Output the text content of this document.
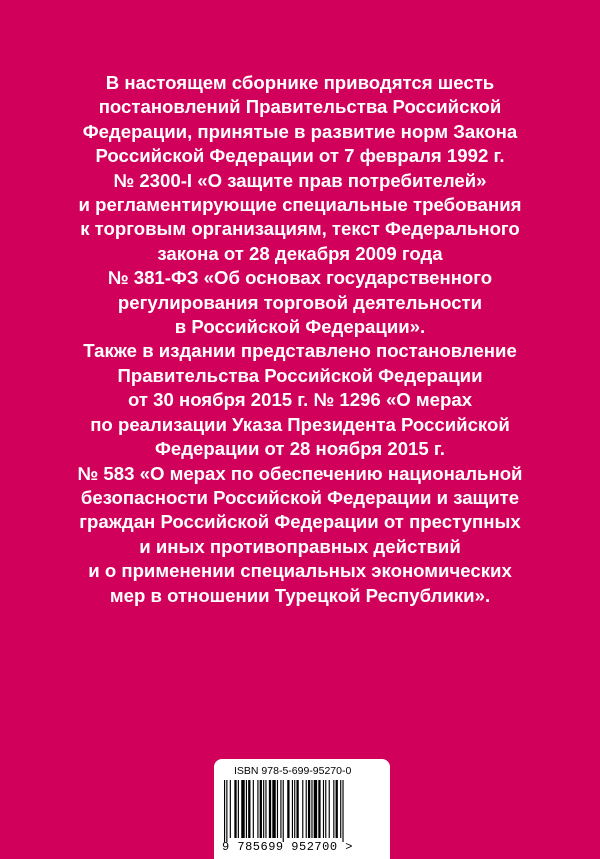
В настоящем сборнике приводятся шесть
постановлений Правительства Российской
Федерации, принятые в развитие норм Закона
Российской Федерации от 7 февраля 1992 г.
№ 2300-I «О защите прав потребителей»
и регламентирующие специальные требования
к торговым организациям, текст Федерального
закона от 28 декабря 2009 года
№ 381-ФЗ «Об основах государственного
регулирования торговой деятельности
в Российской Федерации».
Также в издании представлено постановление
Правительства Российской Федерации
от 30 ноября 2015 г. № 1296 «О мерах
по реализации Указа Президента Российской
Федерации от 28 ноября 2015 г.
№ 583 «О мерах по обеспечению национальной
безопасности Российской Федерации и защите
граждан Российской Федерации от преступных
и иных противоправных действий
и о применении специальных экономических
мер в отношении Турецкой Республики».
ISBN 978-5-699-95270-0
9 785699 952700 >
